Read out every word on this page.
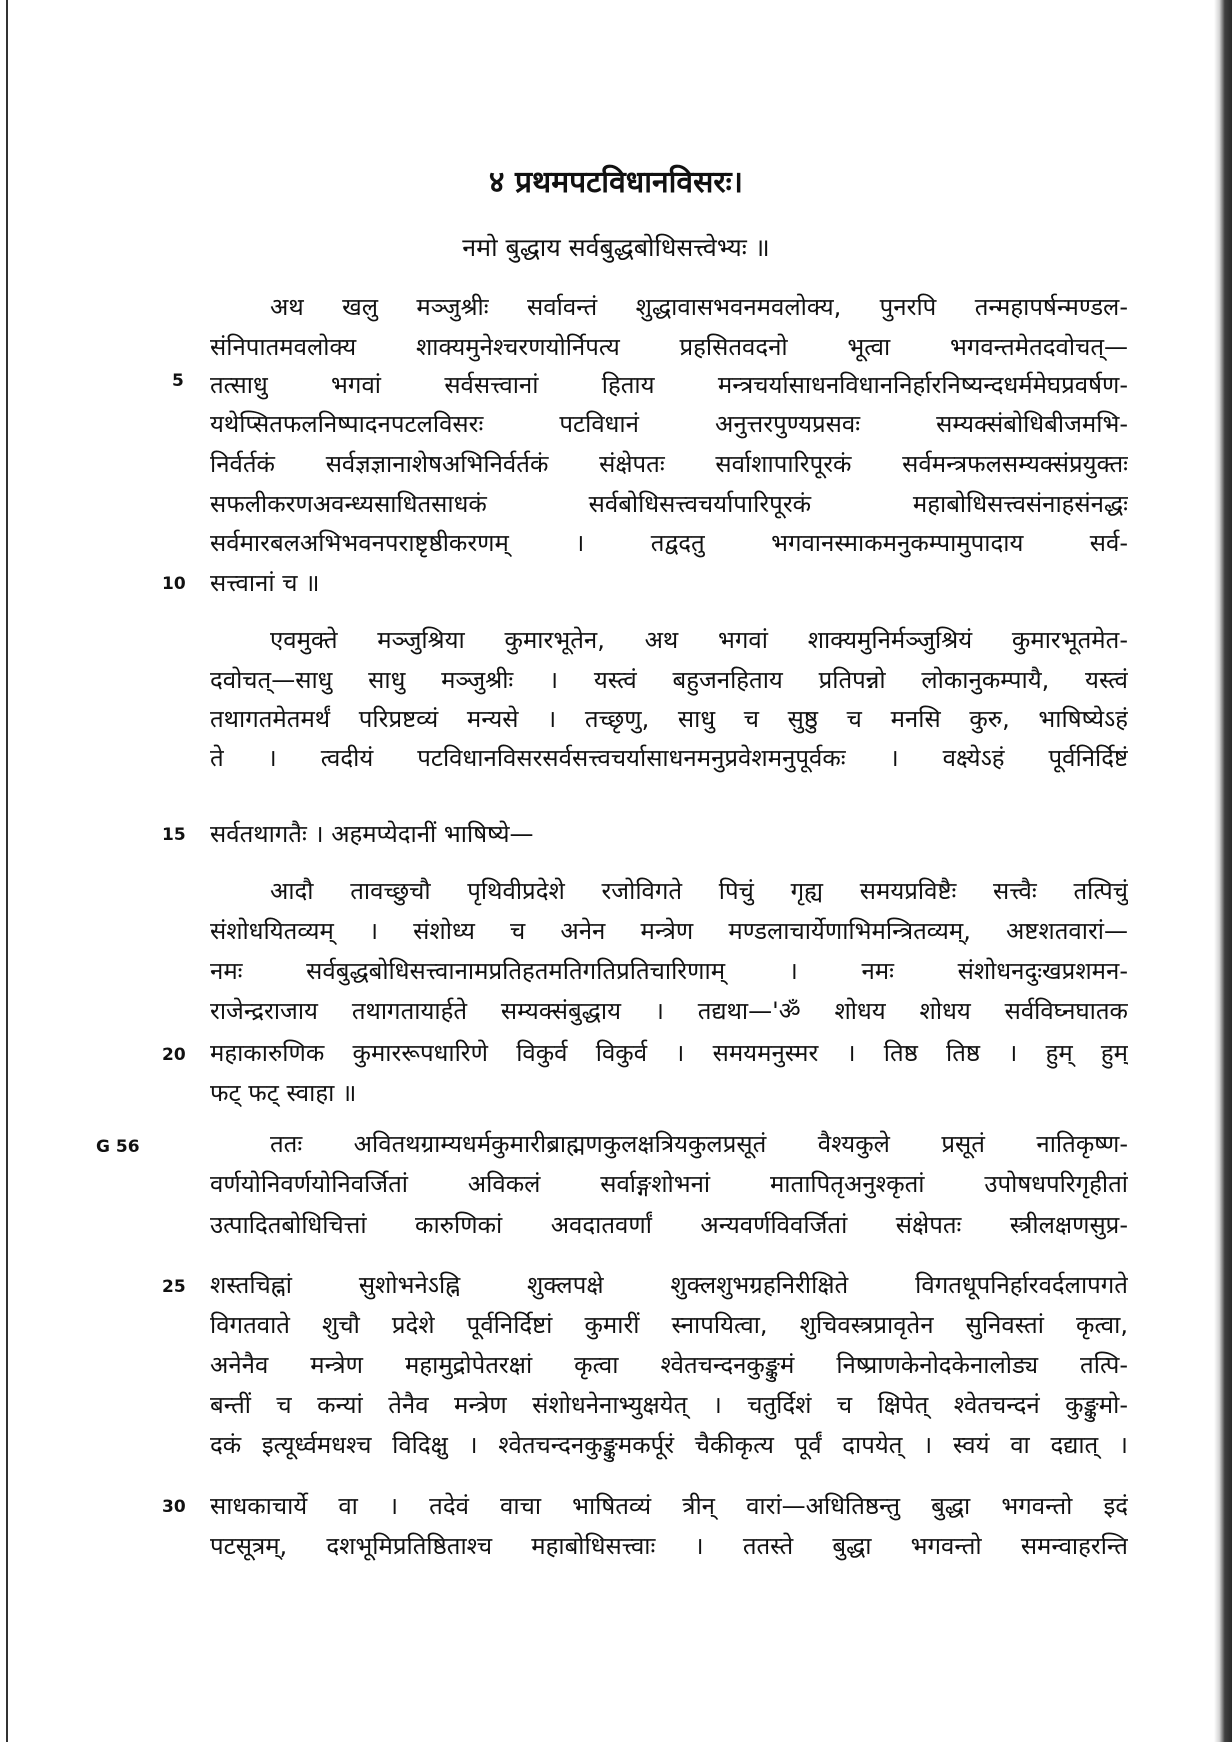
४ प्रथमपटविधानविसरः।
नमो बुद्धाय सर्वबुद्धबोधिसत्त्वेभ्यः ॥
G 56
5
10
15
20
25
30
अथ खलु मञ्जुश्रीः सर्वावन्तं शुद्धावासभवनमवलोक्य, पुनरपि तन्महापर्षन्मण्डल-
संनिपातमवलोक्य शाक्यमुनेश्चरणयोर्निपत्य प्रहसितवदनो भूत्वा भगवन्तमेतदवोचत्—
तत्साधु भगवां सर्वसत्त्वानां हिताय मन्त्रचर्यासाधनविधाननिर्हारनिष्यन्दधर्ममेघप्रवर्षण-
यथेप्सितफलनिष्पादनपटलविसरः पटविधानं अनुत्तरपुण्यप्रसवः सम्यक्संबोधिबीजमभि-
निर्वर्तकं सर्वज्ञज्ञानाशेषअभिनिर्वर्तकं संक्षेपतः सर्वाशापारिपूरकं सर्वमन्त्रफलसम्यक्संप्रयुक्तः
सफलीकरणअवन्ध्यसाधितसाधकं सर्वबोधिसत्त्वचर्यापारिपूरकं महाबोधिसत्त्वसंनाहसंनद्धः
सर्वमारबलअभिभवनपराष्टृष्ठीकरणम् । तद्वदतु भगवानस्माकमनुकम्पामुपादाय सर्व-
सत्त्वानां च ॥
एवमुक्ते मञ्जुश्रिया कुमारभूतेन, अथ भगवां शाक्यमुनिर्मञ्जुश्रियं कुमारभूतमेत-
दवोचत्—साधु साधु मञ्जुश्रीः । यस्त्वं बहुजनहिताय प्रतिपन्नो लोकानुकम्पायै, यस्त्वं
तथागतमेतमर्थं परिप्रष्टव्यं मन्यसे । तच्छृणु, साधु च सुष्ठु च मनसि कुरु, भाषिष्येऽहं
ते । त्वदीयं पटविधानविसरसर्वसत्त्वचर्यासाधनमनुप्रवेशमनुपूर्वकः । वक्ष्येऽहं पूर्वनिर्दिष्टं
सर्वतथागतैः । अहमप्येदानीं भाषिष्ये—
आदौ तावच्छुचौ पृथिवीप्रदेशे रजोविगते पिचुं गृह्य समयप्रविष्टैः सत्त्वैः तत्पिचुं
संशोधयितव्यम् । संशोध्य च अनेन मन्त्रेण मण्डलाचार्येणाभिमन्त्रितव्यम्, अष्टशतवारां—
नमः सर्वबुद्धबोधिसत्त्वानामप्रतिहतमतिगतिप्रतिचारिणाम् । नमः संशोधनदुःखप्रशमन-
राजेन्द्रराजाय तथागतायार्हते सम्यक्संबुद्धाय । तद्यथा—'ॐ शोधय शोधय सर्वविघ्नघातक
महाकारुणिक कुमाररूपधारिणे विकुर्व विकुर्व । समयमनुस्मर । तिष्ठ तिष्ठ । हुम् हुम्
फट् फट् स्वाहा ॥
ततः अवितथग्राम्यधर्मकुमारीब्राह्मणकुलक्षत्रियकुलप्रसूतं वैश्यकुले प्रसूतं नातिकृष्ण-
वर्णयोनिवर्णयोनिवर्जितां अविकलं सर्वाङ्गशोभनां मातापितृअनुश्कृतां उपोषधपरिगृहीतां
उत्पादितबोधिचित्तां कारुणिकां अवदातवर्णां अन्यवर्णविवर्जितां संक्षेपतः स्त्रीलक्षणसुप्र-
शस्तचिह्नां सुशोभनेऽह्नि शुक्लपक्षे शुक्लशुभग्रहनिरीक्षिते विगतधूपनिर्हारवर्दलापगते
विगतवाते शुचौ प्रदेशे पूर्वनिर्दिष्टां कुमारीं स्नापयित्वा, शुचिवस्त्रप्रावृतेन सुनिवस्तां कृत्वा,
अनेनैव मन्त्रेण महामुद्रोपेतरक्षां कृत्वा श्वेतचन्दनकुङ्कुमं निष्प्राणकेनोदकेनालोड्य तत्पि-
बन्तीं च कन्यां तेनैव मन्त्रेण संशोधनेनाभ्युक्षयेत् । चतुर्दिशं च क्षिपेत् श्वेतचन्दनं कुङ्कुमो-
दकं इत्यूर्ध्वमधश्च विदिक्षु । श्वेतचन्दनकुङ्कुमकर्पूरं चैकीकृत्य पूर्वं दापयेत् । स्वयं वा दद्यात् ।
साधकाचार्ये वा । तदेवं वाचा भाषितव्यं त्रीन् वारां—अधितिष्ठन्तु बुद्धा भगवन्तो इदं
पटसूत्रम्, दशभूमिप्रतिष्ठिताश्च महाबोधिसत्त्वाः । ततस्ते बुद्धा भगवन्तो समन्वाहरन्ति
